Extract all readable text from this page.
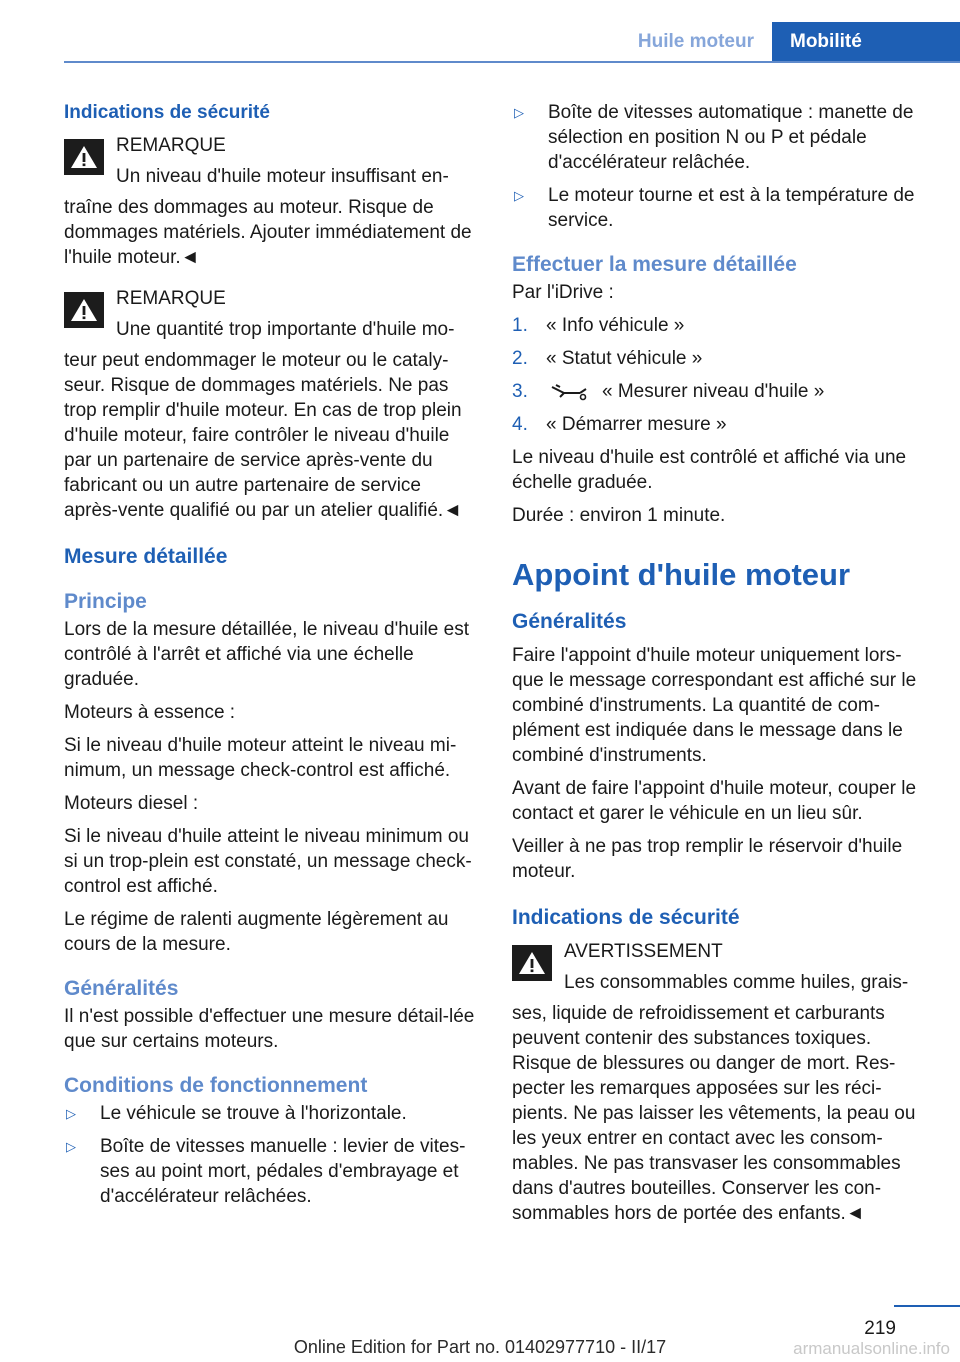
Huile moteur	Mobilité
Indications de sécurité

REMARQUE

Un niveau d'huile moteur insuffisant en-

traîne des dommages au moteur. Risque de dommages matériels. Ajouter immédiatement de l'huile moteur.◄

REMARQUE

Une quantité trop importante d'huile mo-

teur peut endommager le moteur ou le cataly-seur. Risque de dommages matériels. Ne pas trop remplir d'huile moteur. En cas de trop plein d'huile moteur, faire contrôler le niveau d'huile par un partenaire de service après-vente du fabricant ou un autre partenaire de service après-vente qualifié ou par un atelier qualifié.◄

Mesure détaillée
Principe

Lors de la mesure détaillée, le niveau d'huile est contrôlé à l'arrêt et affiché via une échelle graduée.

Moteurs à essence :

Si le niveau d'huile moteur atteint le niveau mi-nimum, un message check-control est affiché.

Moteurs diesel :

Si le niveau d'huile atteint le niveau minimum ou si un trop-plein est constaté, un message check-control est affiché.

Le régime de ralenti augmente légèrement au cours de la mesure.

Généralités

Il n'est possible d'effectuer une mesure détail-lée que sur certains moteurs.

Conditions de fonctionnement
▷	Le véhicule se trouve à l'horizontale.
▷	Boîte de vitesses manuelle : levier de vites-ses au point mort, pédales d'embrayage et d'accélérateur relâchées.
▷	Boîte de vitesses automatique : manette de sélection en position N ou P et pédale d'accélérateur relâchée.
▷	Le moteur tourne et est à la température de service.
Effectuer la mesure détaillée

Par l'iDrive :

1. « Info véhicule »
2. « Statut véhicule »
3.	« Mesurer niveau d'huile »
4. « Démarrer mesure »

Le niveau d'huile est contrôlé et affiché via une échelle graduée.

Durée : environ 1 minute.

Appoint d'huile moteur
Généralités

Faire l'appoint d'huile moteur uniquement lors-que le message correspondant est affiché sur le combiné d'instruments. La quantité de com-plément est indiquée dans le message dans le combiné d'instruments.

Avant de faire l'appoint d'huile moteur, couper le contact et garer le véhicule en un lieu sûr.

Veiller à ne pas trop remplir le réservoir d'huile moteur.

Indications de sécurité

AVERTISSEMENT

Les consommables comme huiles, grais-

ses, liquide de refroidissement et carburants peuvent contenir des substances toxiques. Risque de blessures ou danger de mort. Res-pecter les remarques apposées sur les réci-pients. Ne pas laisser les vêtements, la peau ou les yeux entrer en contact avec les consom-mables. Ne pas transvaser les consommables dans d'autres bouteilles. Conserver les con-sommables hors de portée des enfants.◄

219
Online Edition for Part no. 01402977710 - II/17	armanualsonline.info
